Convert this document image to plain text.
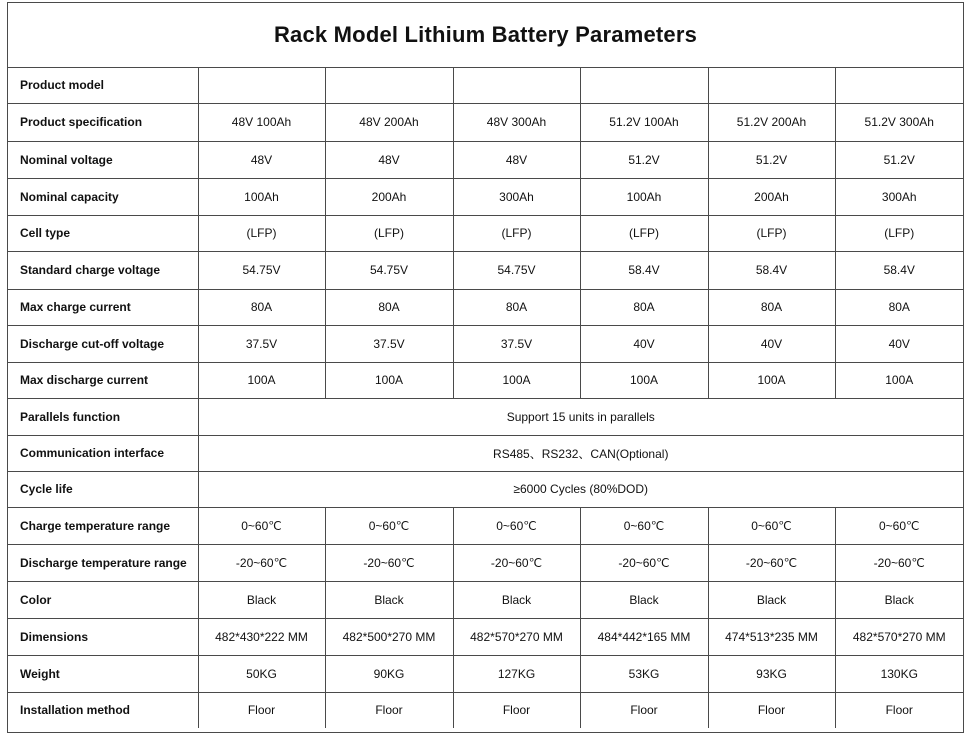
Rack Model Lithium Battery Parameters
Product model						
Product specification	48V 100Ah	48V 200Ah	48V 300Ah	51.2V 100Ah	51.2V 200Ah	51.2V 300Ah
Nominal voltage	48V	48V	48V	51.2V	51.2V	51.2V
Nominal capacity	100Ah	200Ah	300Ah	100Ah	200Ah	300Ah
Cell type	(LFP)	(LFP)	(LFP)	(LFP)	(LFP)	(LFP)
Standard charge voltage	54.75V	54.75V	54.75V	58.4V	58.4V	58.4V
Max charge current	80A	80A	80A	80A	80A	80A
Discharge cut-off voltage	37.5V	37.5V	37.5V	40V	40V	40V
Max discharge current	100A	100A	100A	100A	100A	100A
Parallels function	Support 15 units in parallels					
Communication interface	RS485、RS232、CAN(Optional)					
Cycle life	≥6000 Cycles (80%DOD)					
Charge temperature range	0~60℃	0~60℃	0~60℃	0~60℃	0~60℃	0~60℃
Discharge temperature range	-20~60℃	-20~60℃	-20~60℃	-20~60℃	-20~60℃	-20~60℃
Color	Black	Black	Black	Black	Black	Black
Dimensions	482*430*222 MM	482*500*270 MM	482*570*270 MM	484*442*165 MM	474*513*235 MM	482*570*270 MM
Weight	50KG	90KG	127KG	53KG	93KG	130KG
Installation method	Floor	Floor	Floor	Floor	Floor	Floor
